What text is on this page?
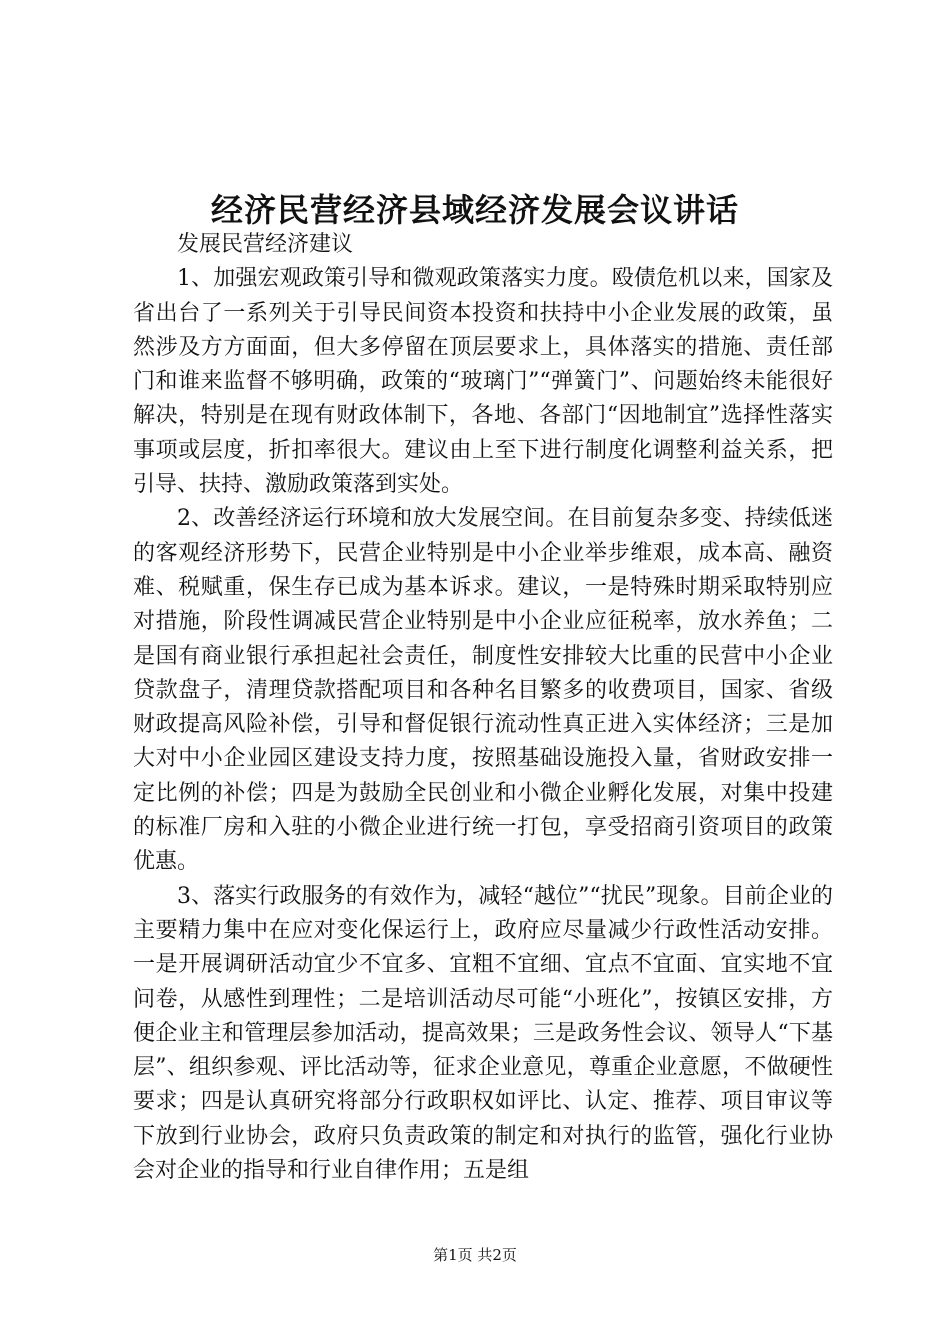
经济民营经济县域经济发展会议讲话

发展民营经济建议

1、加强宏观政策引导和微观政策落实力度。殴债危机以来，国家及省出台了一系列关于引导民间资本投资和扶持中小企业发展的政策，虽然涉及方方面面，但大多停留在顶层要求上，具体落实的措施、责任部门和谁来监督不够明确，政策的“玻璃门”“弹簧门”、问题始终未能很好解决，特别是在现有财政体制下，各地、各部门“因地制宜”选择性落实事项或层度，折扣率很大。建议由上至下进行制度化调整利益关系，把引导、扶持、激励政策落到实处。

2、改善经济运行环境和放大发展空间。在目前复杂多变、持续低迷的客观经济形势下，民营企业特别是中小企业举步维艰，成本高、融资难、税赋重，保生存已成为基本诉求。建议，一是特殊时期采取特别应对措施，阶段性调减民营企业特别是中小企业应征税率，放水养鱼；二是国有商业银行承担起社会责任，制度性安排较大比重的民营中小企业贷款盘子，清理贷款搭配项目和各种名目繁多的收费项目，国家、省级财政提高风险补偿，引导和督促银行流动性真正进入实体经济；三是加大对中小企业园区建设支持力度，按照基础设施投入量，省财政安排一定比例的补偿；四是为鼓励全民创业和小微企业孵化发展，对集中投建的标准厂房和入驻的小微企业进行统一打包，享受招商引资项目的政策优惠。

3、落实行政服务的有效作为，减轻“越位”“扰民”现象。目前企业的主要精力集中在应对变化保运行上，政府应尽量减少行政性活动安排。一是开展调研活动宜少不宜多、宜粗不宜细、宜点不宜面、宜实地不宜问卷，从感性到理性；二是培训活动尽可能“小班化”，按镇区安排，方便企业主和管理层参加活动，提高效果；三是政务性会议、领导人“下基层”、组织参观、评比活动等，征求企业意见，尊重企业意愿，不做硬性要求；四是认真研究将部分行政职权如评比、认定、推荐、项目审议等下放到行业协会，政府只负责政策的制定和对执行的监管，强化行业协会对企业的指导和行业自律作用；五是组

第1页 共2页
